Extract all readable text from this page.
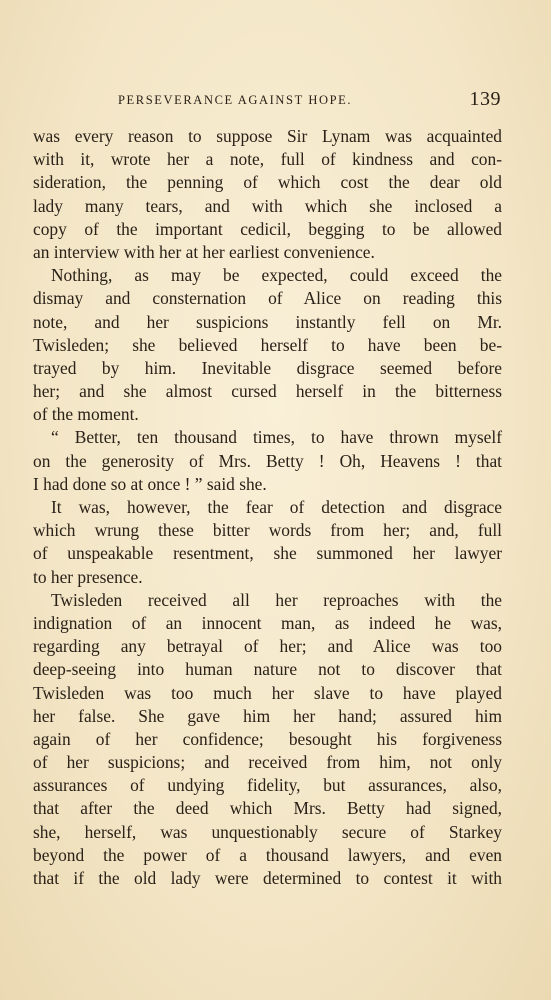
PERSEVERANCE AGAINST HOPE.	139
was every reason to suppose Sir Lynam was acquainted
with it, wrote her a note, full of kindness and con-
sideration, the penning of which cost the dear old
lady many tears, and with which she inclosed a
copy of the important cedicil, begging to be allowed
an interview with her at her earliest convenience.
Nothing, as may be expected, could exceed the
dismay and consternation of Alice on reading this
note, and her suspicions instantly fell on Mr.
Twisleden; she believed herself to have been be-
trayed by him. Inevitable disgrace seemed before
her; and she almost cursed herself in the bitterness
of the moment.
“ Better, ten thousand times, to have thrown myself
on the generosity of Mrs. Betty ! Oh, Heavens ! that
I had done so at once ! ” said she.
It was, however, the fear of detection and disgrace
which wrung these bitter words from her; and, full
of unspeakable resentment, she summoned her lawyer
to her presence.
Twisleden received all her reproaches with the
indignation of an innocent man, as indeed he was,
regarding any betrayal of her; and Alice was too
deep-seeing into human nature not to discover that
Twisleden was too much her slave to have played
her false. She gave him her hand; assured him
again of her confidence; besought his forgiveness
of her suspicions; and received from him, not only
assurances of undying fidelity, but assurances, also,
that after the deed which Mrs. Betty had signed,
she, herself, was unquestionably secure of Starkey
beyond the power of a thousand lawyers, and even
that if the old lady were determined to contest it with
